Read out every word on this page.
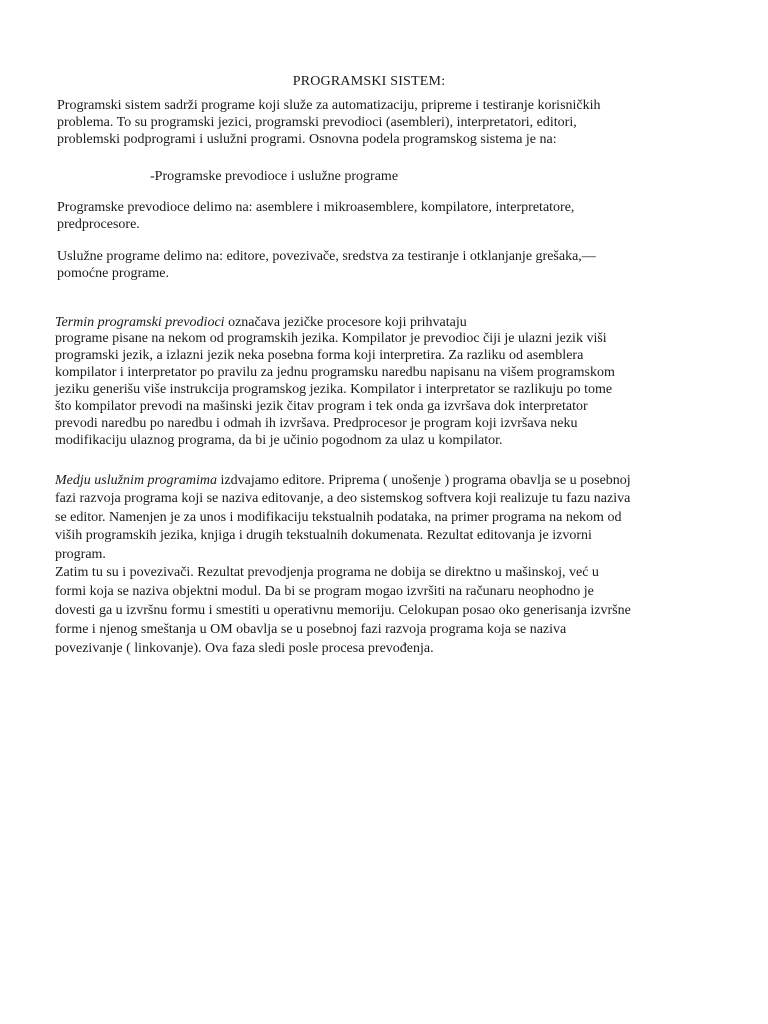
PROGRAMSKI SISTEM:
Programski sistem sadrži programe koji služe za automatizaciju, pripreme i testiranje korisničkih
problema. To su programski jezici, programski prevodioci (asembleri), interpretatori, editori,
problemski podprogrami i uslužni programi. Osnovna podela programskog sistema je na:
-Programske prevodioce i uslužne programe
Programske prevodioce delimo na: asemblere i mikroasemblere, kompilatore, interpretatore,
predprocesore.
Uslužne programe delimo na: editore, povezivače, sredstva za testiranje i otklanjanje grešaka,—
pomoćne programe.
Termin programski prevodioci označava jezičke procesore koji prihvataju
programe pisane na nekom od programskih jezika. Kompilator je prevodioc čiji je ulazni jezik viši
programski jezik, a izlazni jezik neka posebna forma koji interpretira. Za razliku od asemblera
kompilator i interpretator po pravilu za jednu programsku naredbu napisanu na višem programskom
jeziku generišu više instrukcija programskog jezika. Kompilator i interpretator se razlikuju po tome
što kompilator prevodi na mašinski jezik čitav program i tek onda ga izvršava dok interpretator
prevodi naredbu po naredbu i odmah ih izvršava. Predprocesor je program koji izvršava neku
modifikaciju ulaznog programa, da bi je učinio pogodnom za ulaz u kompilator.
Medju uslužnim programima izdvajamo editore. Priprema ( unošenje ) programa obavlja se u posebnoj
fazi razvoja programa koji se naziva editovanje, a deo sistemskog softvera koji realizuje tu fazu naziva
se editor. Namenjen je za unos i modifikaciju tekstualnih podataka, na primer programa na nekom od
viših programskih jezika, knjiga i drugih tekstualnih dokumenata. Rezultat editovanja je izvorni
program.
Zatim tu su i povezivači. Rezultat prevodjenja programa ne dobija se direktno u mašinskoj, već u
formi koja se naziva objektni modul. Da bi se program mogao izvršiti na računaru neophodno je
dovesti ga u izvršnu formu i smestiti u operativnu memoriju. Celokupan posao oko generisanja izvršne
forme i njenog smeštanja u OM obavlja se u posebnoj fazi razvoja programa koja se naziva
povezivanje ( linkovanje). Ova faza sledi posle procesa prevođenja.
